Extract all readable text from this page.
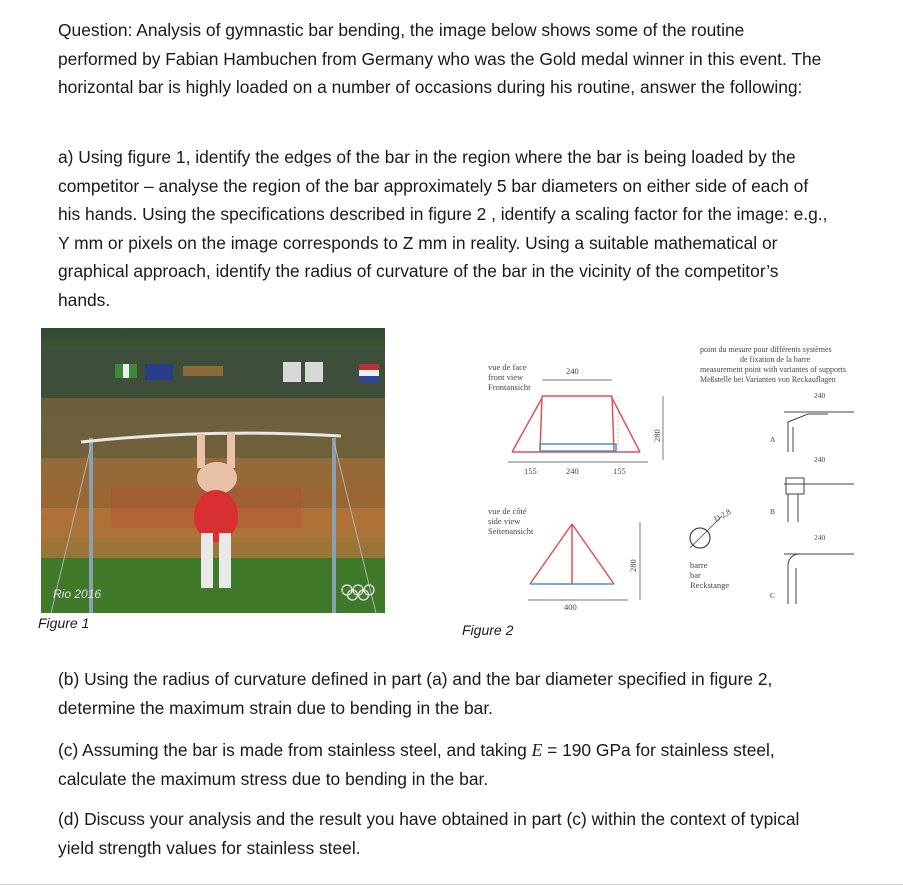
Question: Analysis of gymnastic bar bending, the image below shows some of the routine performed by Fabian Hambuchen from Germany who was the Gold medal winner in this event. The horizontal bar is highly loaded on a number of occasions during his routine, answer the following:

a) Using figure 1, identify the edges of the bar in the region where the bar is being loaded by the competitor – analyse the region of the bar approximately 5 bar diameters on either side of each of his hands. Using the specifications described in figure 2 , identify a scaling factor for the image: e.g., Y mm or pixels on the image corresponds to Z mm in reality. Using a suitable mathematical or graphical approach, identify the radius of curvature of the bar in the vicinity of the competitor’s hands.

Rio 2016
Figure 1
vue de face
front view
Frontansicht
240
280
155	240	155
vue de côté
side view
Seitenansicht
280
400
point du mesure pour différents systèmes
de fixation de la barre
measurement point with variantes of supports
Meßstelle bei Varianten von Reckauflagen
D 2,8
barre
bar
Reckstange
240
240
240
A
B
C
Figure 2

(b) Using the radius of curvature defined in part (a) and the bar diameter specified in figure 2, determine the maximum strain due to bending in the bar.

(c) Assuming the bar is made from stainless steel, and taking E = 190 GPa for stainless steel, calculate the maximum stress due to bending in the bar.

(d) Discuss your analysis and the result you have obtained in part (c) within the context of typical yield strength values for stainless steel.
